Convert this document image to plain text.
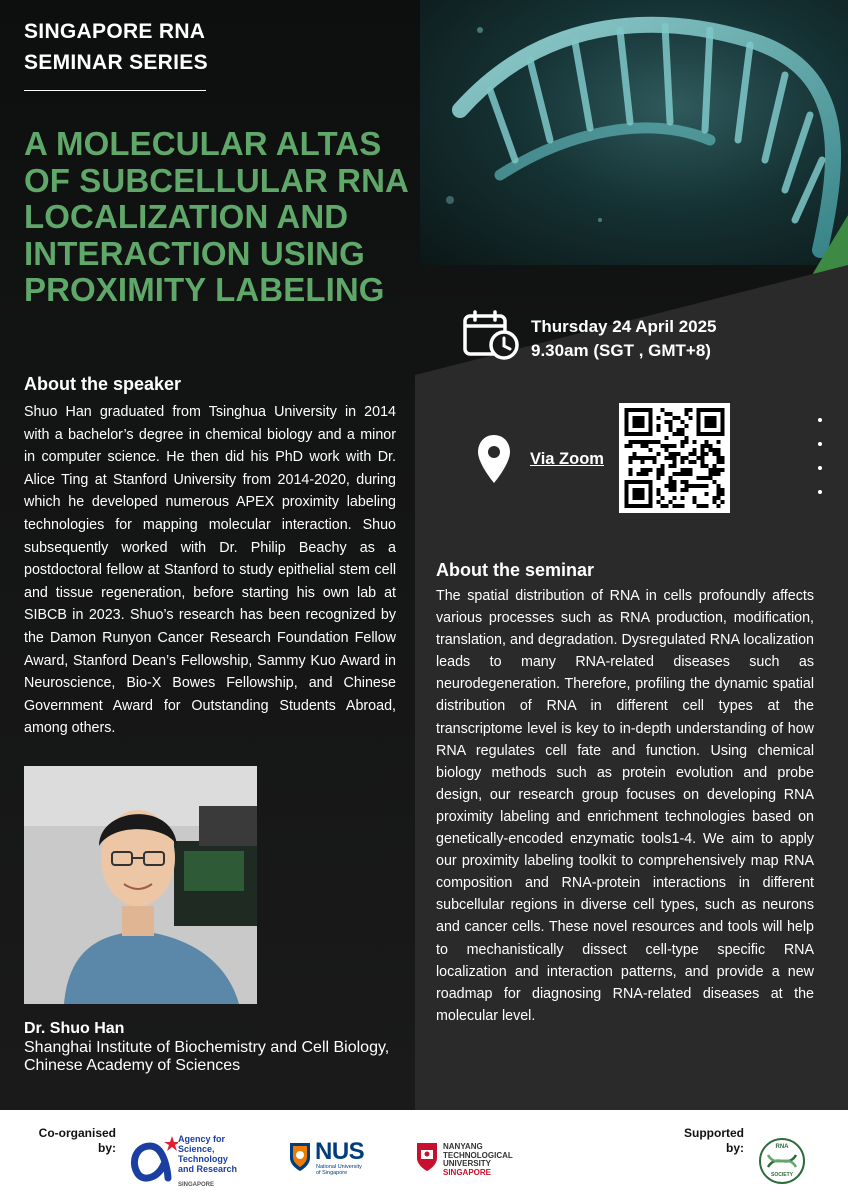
SINGAPORE RNA
SEMINAR SERIES
A MOLECULAR ALTAS OF SUBCELLULAR RNA LOCALIZATION AND INTERACTION USING PROXIMITY LABELING
About the speaker
Shuo Han graduated from Tsinghua University in 2014 with a bachelor’s degree in chemical biology and a minor in computer science. He then did his PhD work with Dr. Alice Ting at Stanford University from 2014-2020, during which he developed numerous APEX proximity labeling technologies for mapping molecular interaction. Shuo subsequently worked with Dr. Philip Beachy as a postdoctoral fellow at Stanford to study epithelial stem cell and tissue regeneration, before starting his own lab at SIBCB in 2023. Shuo’s research has been recognized by the Damon Runyon Cancer Research Foundation Fellow Award, Stanford Dean’s Fellowship, Sammy Kuo Award in Neuroscience, Bio-X Bowes Fellowship, and Chinese Government Award for Outstanding Students Abroad, among others.
Dr. Shuo Han
Shanghai Institute of Biochemistry and Cell Biology, Chinese Academy of Sciences
Thursday 24 April 2025
9.30am (SGT , GMT+8)
Via Zoom
About the seminar
The spatial distribution of RNA in cells profoundly affects various processes such as RNA production, modification, translation, and degradation. Dysregulated RNA localization leads to many RNA-related diseases such as neurodegeneration. Therefore, profiling the dynamic spatial distribution of RNA in different cell types at the transcriptome level is key to in-depth understanding of how RNA regulates cell fate and function. Using chemical biology methods such as protein evolution and probe design, our research group focuses on developing RNA proximity labeling and enrichment technologies based on genetically-encoded enzymatic tools1-4. We aim to apply our proximity labeling toolkit to comprehensively map RNA composition and RNA-protein interactions in different subcellular regions in diverse cell types, such as neurons and cancer cells. These novel resources and tools will help to mechanistically dissect cell-type specific RNA localization and interaction patterns, and provide a new roadmap for diagnosing RNA-related diseases at the molecular level.
Co-organised
by:
Agency for
Science, Technology
and Research
SINGAPORE
NUS
National University
of Singapore
NANYANG
TECHNOLOGICAL
UNIVERSITY
SINGAPORE
Supported
by:	RNA
SOCIETY
